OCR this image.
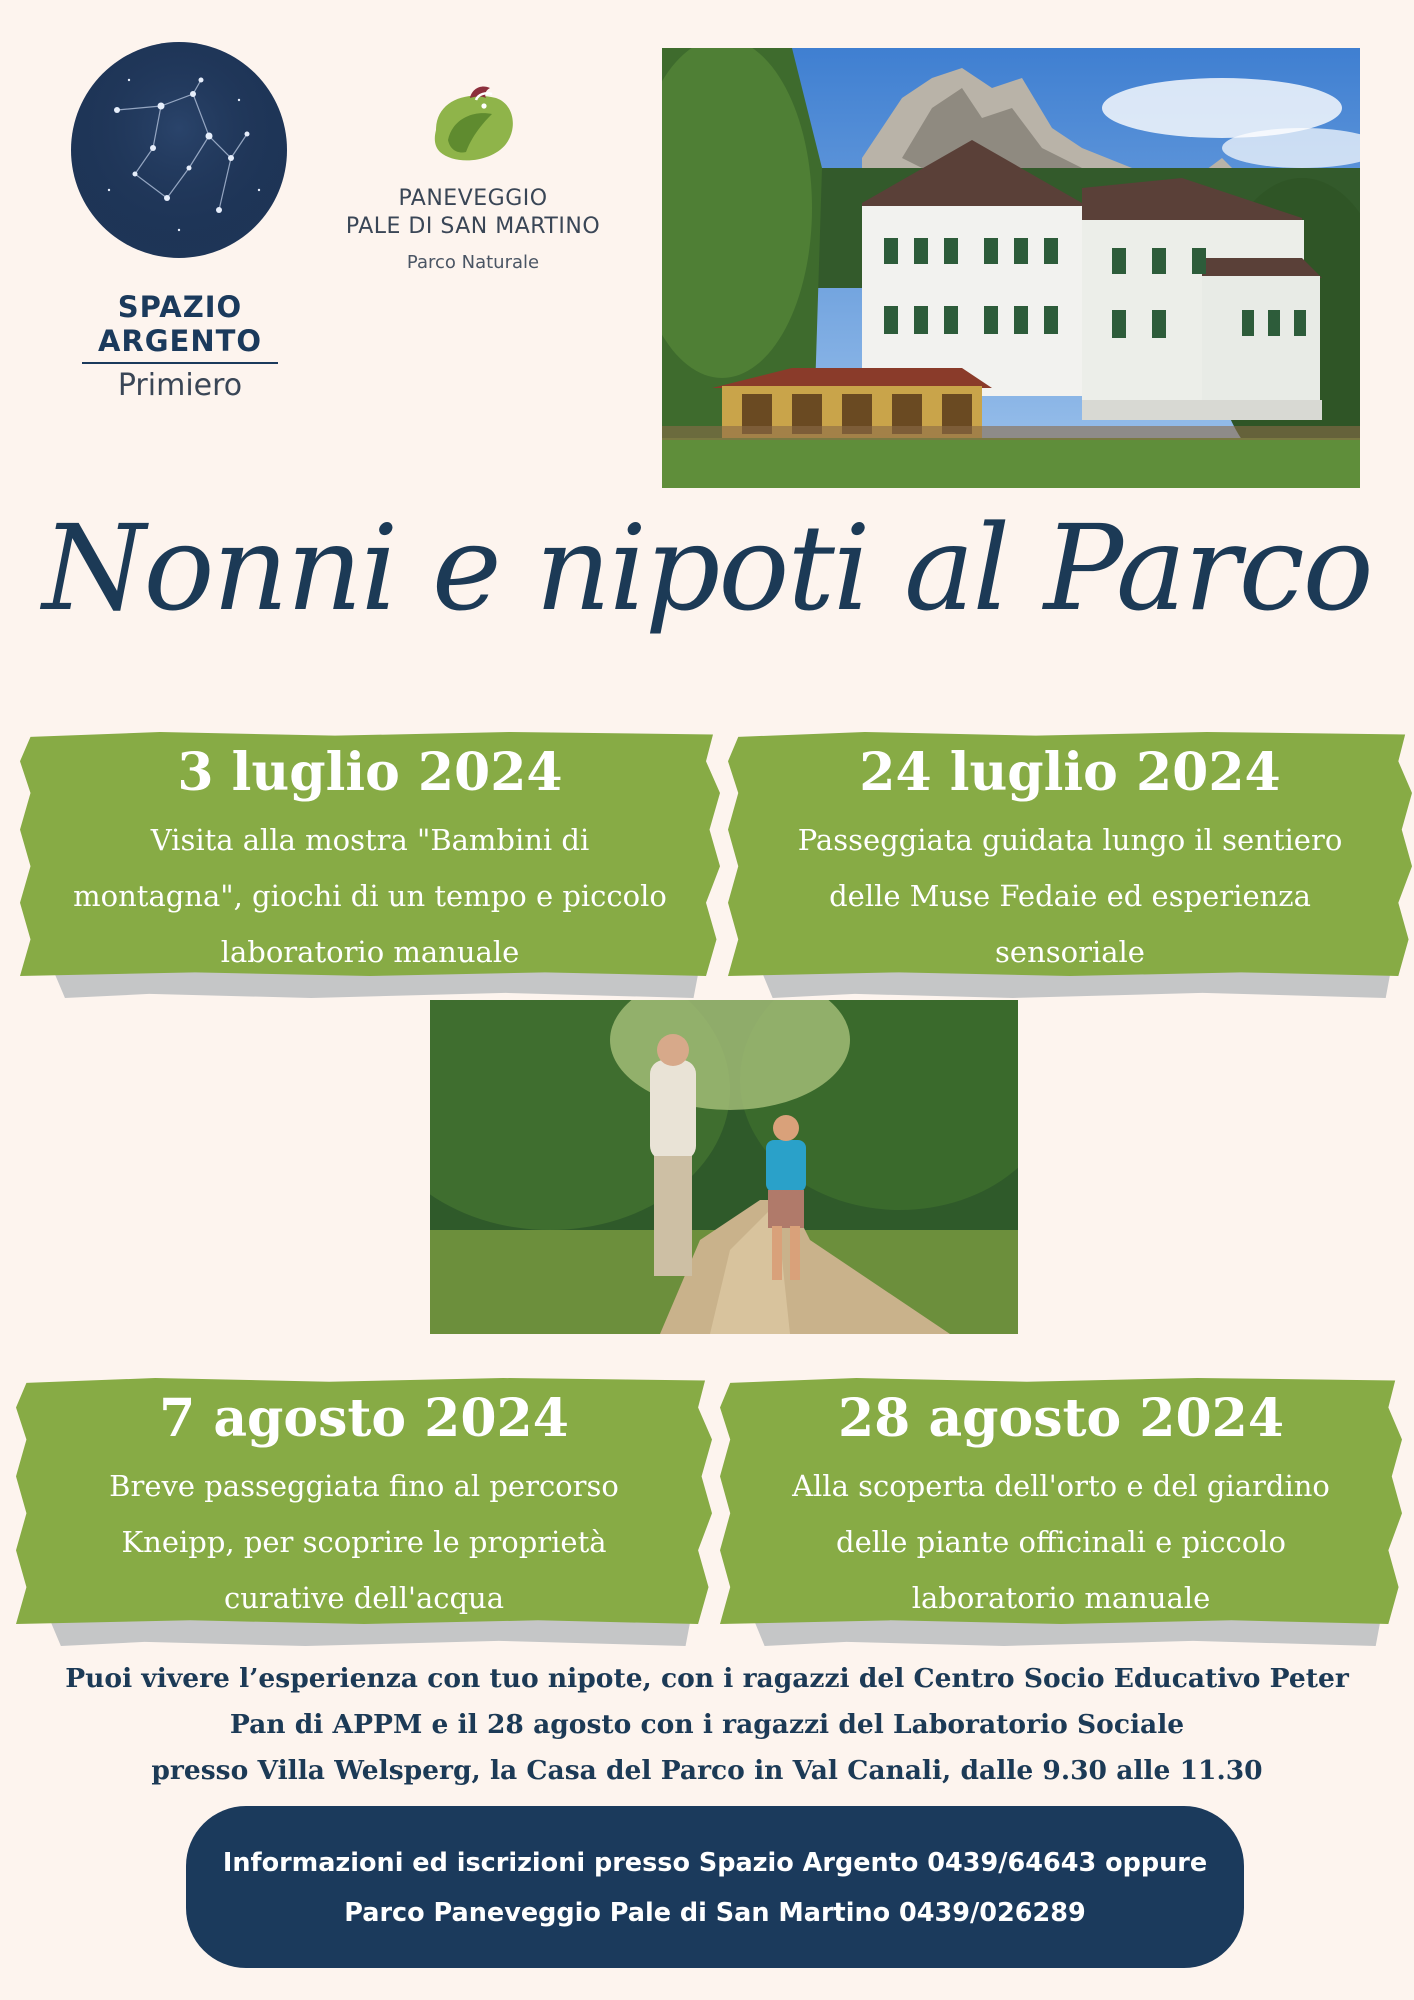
SPAZIO
ARGENTO
Primiero
PANEVEGGIO
PALE DI SAN MARTINO
Parco Naturale
Nonni e nipoti al Parco
3 luglio 2024
Visita alla mostra "Bambini di
montagna", giochi di un tempo e piccolo
laboratorio manuale
24 luglio 2024
Passeggiata guidata lungo il sentiero
delle Muse Fedaie ed esperienza
sensoriale
7 agosto 2024
Breve passeggiata fino al percorso
Kneipp, per scoprire le proprietà
curative dell'acqua
28 agosto 2024
Alla scoperta dell'orto e del giardino
delle piante officinali e piccolo
laboratorio manuale
Puoi vivere l’esperienza con tuo nipote, con i ragazzi del Centro Socio Educativo Peter
Pan di APPM e il 28 agosto con i ragazzi del Laboratorio Sociale
presso Villa Welsperg, la Casa del Parco in Val Canali, dalle 9.30 alle 11.30
Informazioni ed iscrizioni presso Spazio Argento 0439/64643 oppure
Parco Paneveggio Pale di San Martino 0439/026289
